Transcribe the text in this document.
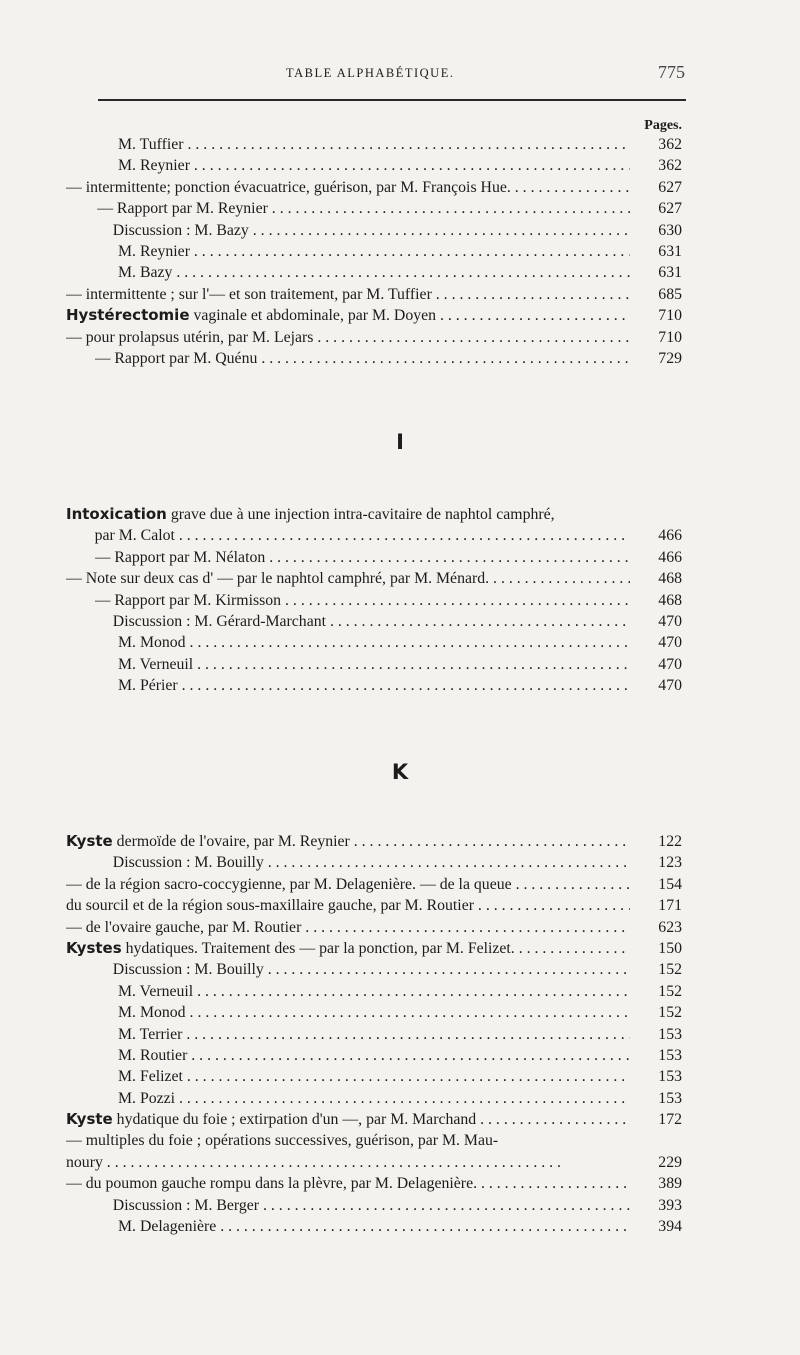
TABLE ALPHABÉTIQUE.	775
Pages.
M. Tuffier . . .	362
M. Reynier . . .	362
— intermittente; ponction évacuatrice, guérison, par M. François Hue. . . . .	627
— Rapport par M. Reynier . . .	627
Discussion : M. Bazy . . .	630
M. Reynier . . .	631
M. Bazy . . .	631
— intermittente ; sur l'— et son traitement, par M. Tuffier . . .	685
Hystérectomie vaginale et abdominale, par M. Doyen . . .	710
— pour prolapsus utérin, par M. Lejars . . .	710
— Rapport par M. Quénu . . .	729
I
Intoxication grave due à une injection intra-cavitaire de naphtol camphré,
par M. Calot . . .	466
— Rapport par M. Nélaton . . .	466
— Note sur deux cas d' — par le naphtol camphré, par M. Ménard. . . . .	468
— Rapport par M. Kirmisson . . .	468
Discussion : M. Gérard-Marchant . . .	470
M. Monod . . .	470
M. Verneuil . . .	470
M. Périer . . .	470
K
Kyste dermoïde de l'ovaire, par M. Reynier . . .	122
Discussion : M. Bouilly . . .	123
— de la région sacro-coccygienne, par M. Delagenière. — de la queue . . .	154
du sourcil et de la région sous-maxillaire gauche, par M. Routier . . . . .	171
— de l'ovaire gauche, par M. Routier . . .	623
Kystes hydatiques. Traitement des — par la ponction, par M. Felizet. . . .	150
Discussion : M. Bouilly . . .	152
M. Verneuil . . .	152
M. Monod . . .	152
M. Terrier . . .	153
M. Routier . . .	153
M. Felizet . . .	153
M. Pozzi . . .	153
Kyste hydatique du foie ; extirpation d'un —, par M. Marchand . . . . . .	172
— multiples du foie ; opérations successives, guérison, par M. Mau-
noury . . .	229
— du poumon gauche rompu dans la plèvre, par M. Delagenière. . . . . .	389
Discussion : M. Berger . . .	393
M. Delagenière . . .	394
